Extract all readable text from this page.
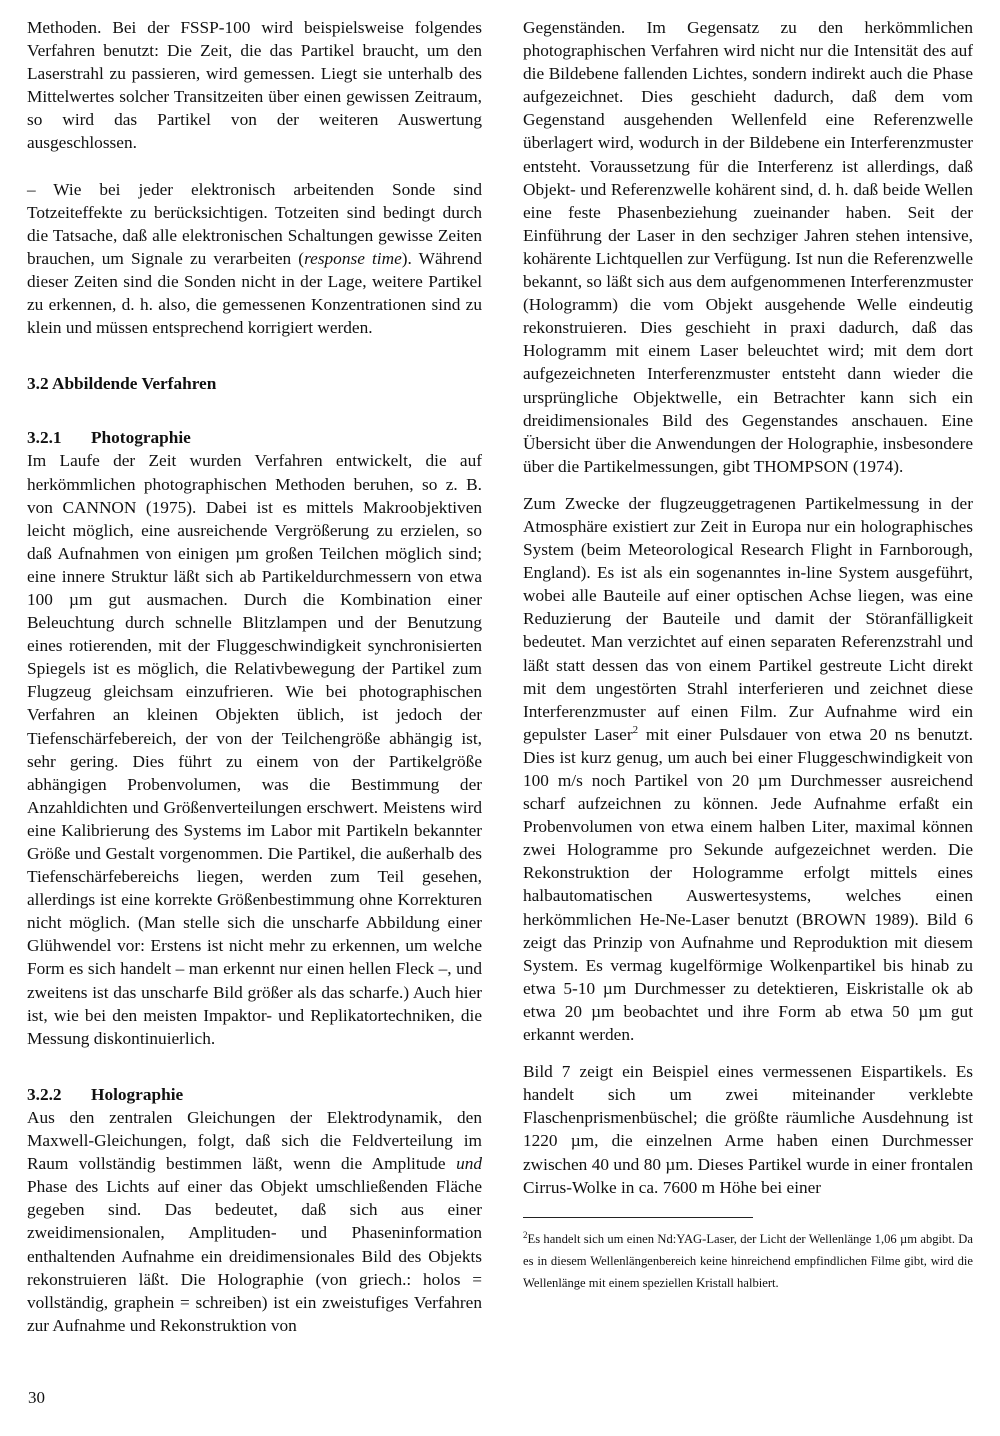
Methoden. Bei der FSSP-100 wird beispielsweise folgendes Verfahren benutzt: Die Zeit, die das Partikel braucht, um den Laserstrahl zu passieren, wird gemessen. Liegt sie unterhalb des Mittelwertes solcher Transitzeiten über einen gewissen Zeitraum, so wird das Partikel von der weiteren Auswertung ausgeschlossen.

– Wie bei jeder elektronisch arbeitenden Sonde sind Totzeiteffekte zu berücksichtigen. Totzeiten sind bedingt durch die Tatsache, daß alle elektronischen Schaltungen gewisse Zeiten brauchen, um Signale zu verarbeiten (response time). Während dieser Zeiten sind die Sonden nicht in der Lage, weitere Partikel zu erkennen, d. h. also, die gemessenen Konzentrationen sind zu klein und müssen entsprechend korrigiert werden.

3.2 Abbildende Verfahren

3.2.1 Photographie

Im Laufe der Zeit wurden Verfahren entwickelt, die auf herkömmlichen photographischen Methoden beruhen, so z. B. von CANNON (1975). Dabei ist es mittels Makroobjektiven leicht möglich, eine ausreichende Vergrößerung zu erzielen, so daß Aufnahmen von einigen µm großen Teilchen möglich sind; eine innere Struktur läßt sich ab Partikeldurchmessern von etwa 100 µm gut ausmachen. Durch die Kombination einer Beleuchtung durch schnelle Blitzlampen und der Benutzung eines rotierenden, mit der Fluggeschwindigkeit synchronisierten Spiegels ist es möglich, die Relativbewegung der Partikel zum Flugzeug gleichsam einzufrieren. Wie bei photographischen Verfahren an kleinen Objekten üblich, ist jedoch der Tiefenschärfebereich, der von der Teilchengröße abhängig ist, sehr gering. Dies führt zu einem von der Partikelgröße abhängigen Probenvolumen, was die Bestimmung der Anzahldichten und Größenverteilungen erschwert. Meistens wird eine Kalibrierung des Systems im Labor mit Partikeln bekannter Größe und Gestalt vorgenommen. Die Partikel, die außerhalb des Tiefenschärfebereichs liegen, werden zum Teil gesehen, allerdings ist eine korrekte Größenbestimmung ohne Korrekturen nicht möglich. (Man stelle sich die unscharfe Abbildung einer Glühwendel vor: Erstens ist nicht mehr zu erkennen, um welche Form es sich handelt – man erkennt nur einen hellen Fleck –, und zweitens ist das unscharfe Bild größer als das scharfe.) Auch hier ist, wie bei den meisten Impaktor- und Replikatortechniken, die Messung diskontinuierlich.

3.2.2 Holographie

Aus den zentralen Gleichungen der Elektrodynamik, den Maxwell-Gleichungen, folgt, daß sich die Feldverteilung im Raum vollständig bestimmen läßt, wenn die Amplitude und Phase des Lichts auf einer das Objekt umschließenden Fläche gegeben sind. Das bedeutet, daß sich aus einer zweidimensionalen, Amplituden- und Phaseninformation enthaltenden Aufnahme ein dreidimensionales Bild des Objekts rekonstruieren läßt. Die Holographie (von griech.: holos = vollständig, graphein = schreiben) ist ein zweistufiges Verfahren zur Aufnahme und Rekonstruktion von

Gegenständen. Im Gegensatz zu den herkömmlichen photographischen Verfahren wird nicht nur die Intensität des auf die Bildebene fallenden Lichtes, sondern indirekt auch die Phase aufgezeichnet. Dies geschieht dadurch, daß dem vom Gegenstand ausgehenden Wellenfeld eine Referenzwelle überlagert wird, wodurch in der Bildebene ein Interferenzmuster entsteht. Voraussetzung für die Interferenz ist allerdings, daß Objekt- und Referenzwelle kohärent sind, d. h. daß beide Wellen eine feste Phasenbeziehung zueinander haben. Seit der Einführung der Laser in den sechziger Jahren stehen intensive, kohärente Lichtquellen zur Verfügung. Ist nun die Referenzwelle bekannt, so läßt sich aus dem aufgenommenen Interferenzmuster (Hologramm) die vom Objekt ausgehende Welle eindeutig rekonstruieren. Dies geschieht in praxi dadurch, daß das Hologramm mit einem Laser beleuchtet wird; mit dem dort aufgezeichneten Interferenzmuster entsteht dann wieder die ursprüngliche Objektwelle, ein Betrachter kann sich ein dreidimensionales Bild des Gegenstandes anschauen. Eine Übersicht über die Anwendungen der Holographie, insbesondere über die Partikelmessungen, gibt THOMPSON (1974).

Zum Zwecke der flugzeuggetragenen Partikelmessung in der Atmosphäre existiert zur Zeit in Europa nur ein holographisches System (beim Meteorological Research Flight in Farnborough, England). Es ist als ein sogenanntes in-line System ausgeführt, wobei alle Bauteile auf einer optischen Achse liegen, was eine Reduzierung der Bauteile und damit der Störanfälligkeit bedeutet. Man verzichtet auf einen separaten Referenzstrahl und läßt statt dessen das von einem Partikel gestreute Licht direkt mit dem ungestörten Strahl interferieren und zeichnet diese Interferenzmuster auf einen Film. Zur Aufnahme wird ein gepulster Laser$^2$ mit einer Pulsdauer von etwa 20 ns benutzt. Dies ist kurz genug, um auch bei einer Fluggeschwindigkeit von 100 m/s noch Partikel von 20 µm Durchmesser ausreichend scharf aufzeichnen zu können. Jede Aufnahme erfaßt ein Probenvolumen von etwa einem halben Liter, maximal können zwei Hologramme pro Sekunde aufgezeichnet werden. Die Rekonstruktion der Hologramme erfolgt mittels eines halbautomatischen Auswertesystems, welches einen herkömmlichen He-Ne-Laser benutzt (BROWN 1989). Bild 6 zeigt das Prinzip von Aufnahme und Reproduktion mit diesem System. Es vermag kugelförmige Wolkenpartikel bis hinab zu etwa 5-10 µm Durchmesser zu detektieren, Eiskristalle ok ab etwa 20 µm beobachtet und ihre Form ab etwa 50 µm gut erkannt werden.

Bild 7 zeigt ein Beispiel eines vermessenen Eispartikels. Es handelt sich um zwei miteinander verklebte Flaschenprismenbüschel; die größte räumliche Ausdehnung ist 1220 µm, die einzelnen Arme haben einen Durchmesser zwischen 40 und 80 µm. Dieses Partikel wurde in einer frontalen Cirrus-Wolke in ca. 7600 m Höhe bei einer

$^2$Es handelt sich um einen Nd:YAG-Laser, der Licht der Wellenlänge 1,06 µm abgibt. Da es in diesem Wellenlängenbereich keine hinreichend empfindlichen Filme gibt, wird die Wellenlänge mit einem speziellen Kristall halbiert.

30
